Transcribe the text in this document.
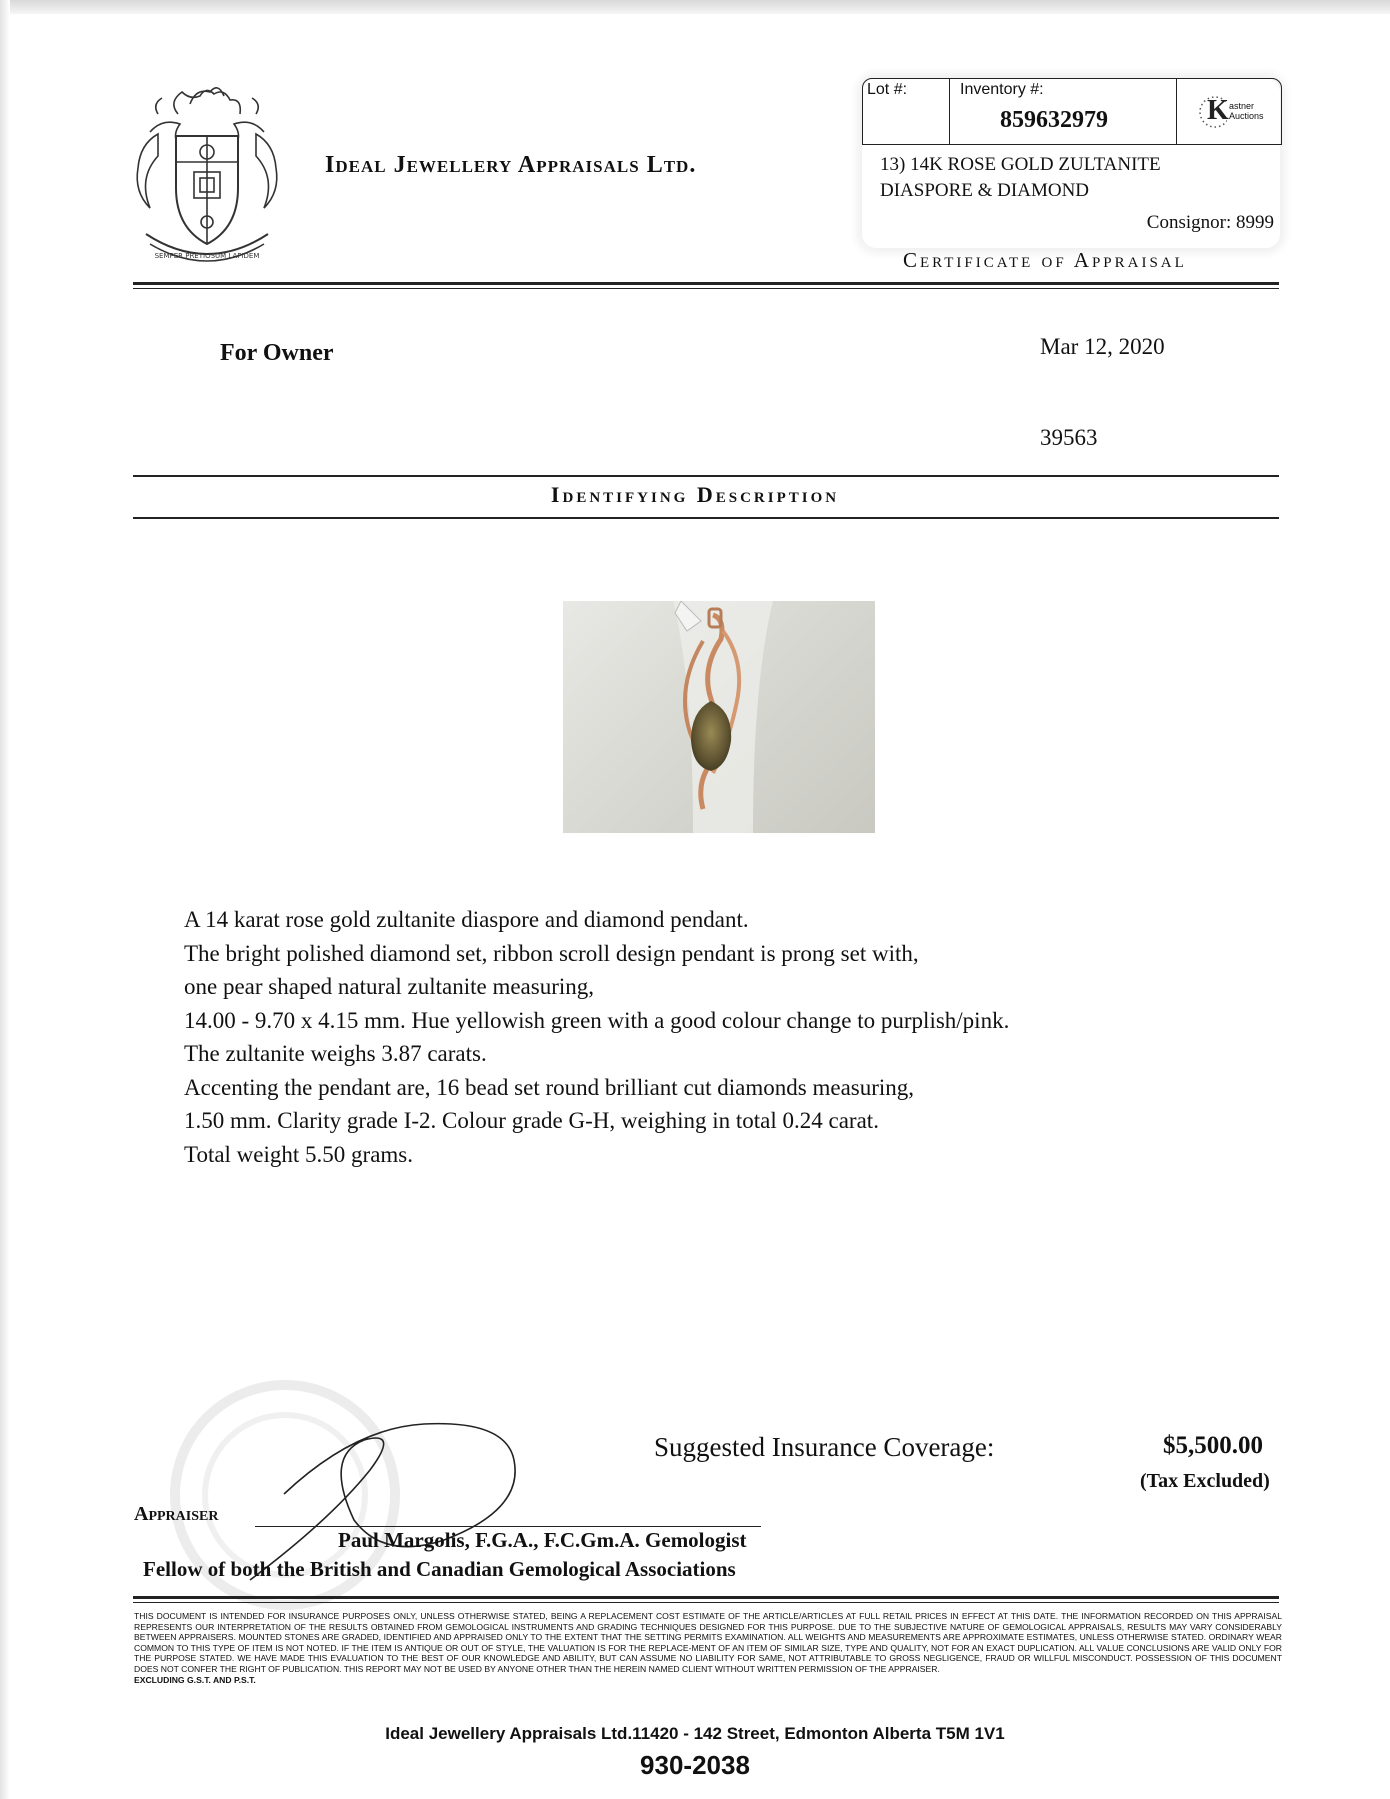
SEMPER PRETIOSUM LAPIDEM
Ideal Jewellery Appraisals Ltd.
Lot #:	Inventory #:
859632979	K astner
Auctions
13) 14K ROSE GOLD ZULTANITE
DIASPORE & DIAMOND
Consignor: 8999
Certificate of Appraisal
For Owner	Mar 12, 2020
39563
Identifying Description

A 14 karat rose gold zultanite diaspore and diamond pendant.

The bright polished diamond set, ribbon scroll design pendant is prong set with,

one pear shaped natural zultanite measuring,

14.00 - 9.70 x 4.15 mm. Hue yellowish green with a good colour change to purplish/pink.

The zultanite weighs 3.87 carats.

Accenting the pendant are, 16 bead set round brilliant cut diamonds measuring,

1.50 mm. Clarity grade I-2. Colour grade G-H, weighing in total 0.24 carat.

Total weight 5.50 grams.

Suggested Insurance Coverage:	$5,500.00
(Tax Excluded)
Appraiser
Paul Margolis, F.G.A., F.C.Gm.A. Gemologist
Fellow of both the British and Canadian Gemological Associations
THIS DOCUMENT IS INTENDED FOR INSURANCE PURPOSES ONLY, UNLESS OTHERWISE STATED, BEING A REPLACEMENT COST ESTIMATE OF THE ARTICLE/ARTICLES AT FULL RETAIL PRICES IN EFFECT AT THIS DATE. THE INFORMATION RECORDED ON THIS APPRAISAL REPRESENTS OUR INTERPRETATION OF THE RESULTS OBTAINED FROM GEMOLOGICAL INSTRUMENTS AND GRADING TECHNIQUES DESIGNED FOR THIS PURPOSE. DUE TO THE SUBJECTIVE NATURE OF GEMOLOGICAL APPRAISALS, RESULTS MAY VARY CONSIDERABLY BETWEEN APPRAISERS. MOUNTED STONES ARE GRADED, IDENTIFIED AND APPRAISED ONLY TO THE EXTENT THAT THE SETTING PERMITS EXAMINATION. ALL WEIGHTS AND MEASUREMENTS ARE APPROXIMATE ESTIMATES, UNLESS OTHERWISE STATED. ORDINARY WEAR COMMON TO THIS TYPE OF ITEM IS NOT NOTED. IF THE ITEM IS ANTIQUE OR OUT OF STYLE, THE VALUATION IS FOR THE REPLACE-MENT OF AN ITEM OF SIMILAR SIZE, TYPE AND QUALITY, NOT FOR AN EXACT DUPLICATION. ALL VALUE CONCLUSIONS ARE VALID ONLY FOR THE PURPOSE STATED. WE HAVE MADE THIS EVALUATION TO THE BEST OF OUR KNOWLEDGE AND ABILITY, BUT CAN ASSUME NO LIABILITY FOR SAME, NOT ATTRIBUTABLE TO GROSS NEGLIGENCE, FRAUD OR WILLFUL MISCONDUCT. POSSESSION OF THIS DOCUMENT DOES NOT CONFER THE RIGHT OF PUBLICATION. THIS REPORT MAY NOT BE USED BY ANYONE OTHER THAN THE HEREIN NAMED CLIENT WITHOUT WRITTEN PERMISSION OF THE APPRAISER.
EXCLUDING G.S.T. AND P.S.T.
Ideal Jewellery Appraisals Ltd.11420 - 142 Street, Edmonton Alberta T5M 1V1
930-2038
